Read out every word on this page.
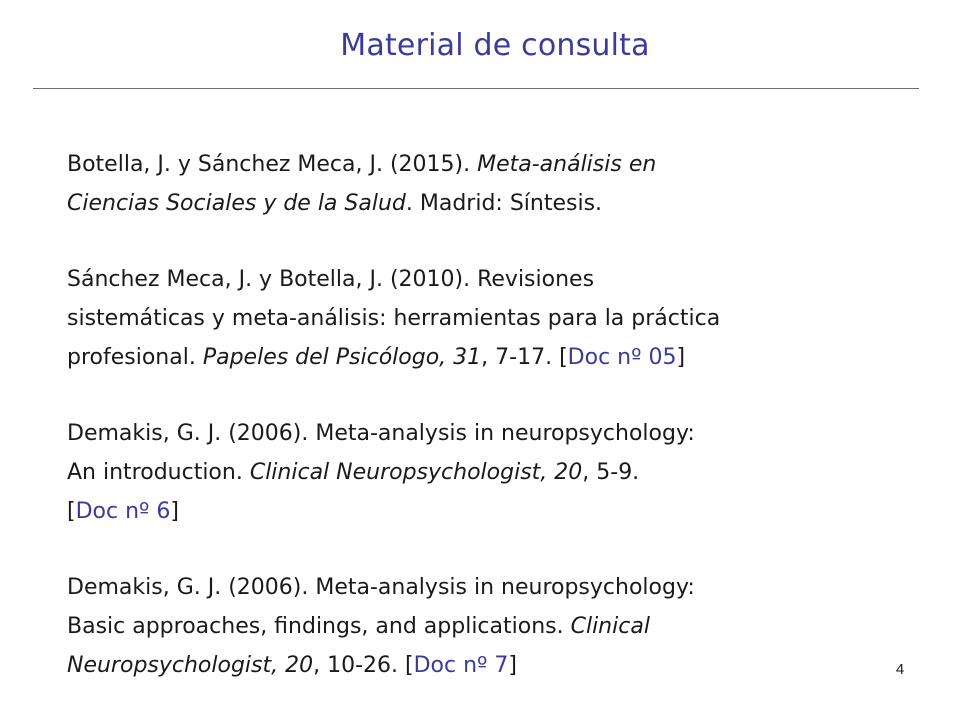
Material de consulta
Botella, J. y Sánchez Meca, J. (2015). Meta-análisis en
Ciencias Sociales y de la Salud. Madrid: Síntesis.
Sánchez Meca, J. y Botella, J. (2010). Revisiones
sistemáticas y meta-análisis: herramientas para la práctica
profesional. Papeles del Psicólogo, 31, 7-17. [Doc nº 05]
Demakis, G. J. (2006). Meta-analysis in neuropsychology:
An introduction. Clinical Neuropsychologist, 20, 5-9.
[Doc nº 6]
Demakis, G. J. (2006). Meta-analysis in neuropsychology:
Basic approaches, findings, and applications. Clinical
Neuropsychologist, 20, 10-26. [Doc nº 7]	4
